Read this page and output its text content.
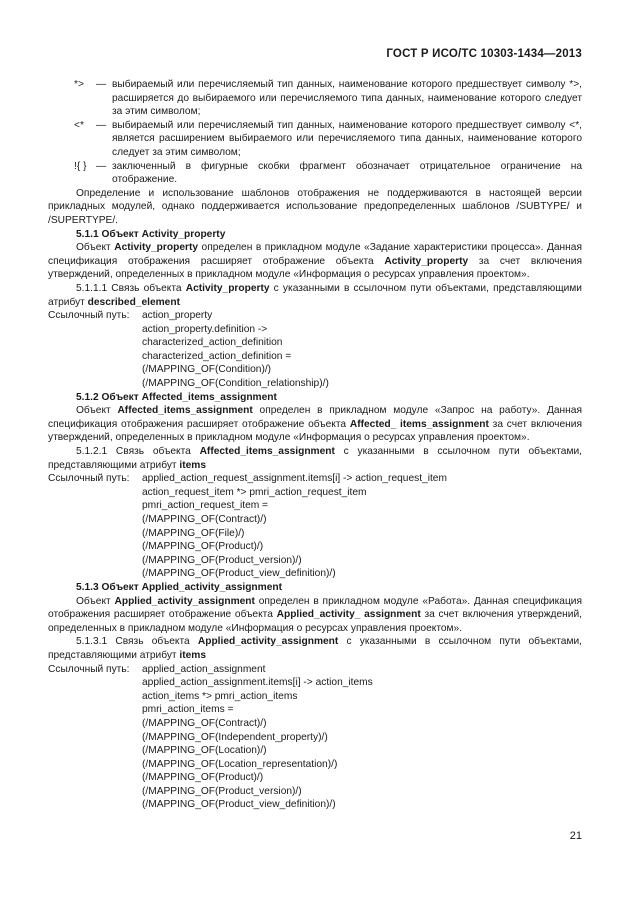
ГОСТ Р ИСО/ТС 10303-1434—2013
*>	— выбираемый или перечисляемый тип данных, наименование которого предшествует символу *>, расширяется до выбираемого или перечисляемого типа данных, наименование которого следует за этим символом;
<*	— выбираемый или перечисляемый тип данных, наименование которого предшествует символу <*, является расширением выбираемого или перечисляемого типа данных, наименование которого следует за этим символом;
!{ } — заключенный в фигурные скобки фрагмент обозначает отрицательное ограничение на отображение.
Определение и использование шаблонов отображения не поддерживаются в настоящей версии прикладных модулей, однако поддерживается использование предопределенных шаблонов /SUBTYPE/ и /SUPERTYPE/.
5.1.1 Объект Activity_property
Объект Activity_property определен в прикладном модуле «Задание характеристики процесса». Данная спецификация отображения расширяет отображение объекта Activity_property за счет включения утверждений, определенных в прикладном модуле «Информация о ресурсах управления проектом».
5.1.1.1 Связь объекта Activity_property с указанными в ссылочном пути объектами, представляющими атрибут described_element
Ссылочный путь:	action_property
action_property.definition ->
characterized_action_definition
characterized_action_definition =
(/MAPPING_OF(Condition)/)
(/MAPPING_OF(Condition_relationship)/)
5.1.2 Объект Affected_items_assignment
Объект Affected_items_assignment определен в прикладном модуле «Запрос на работу». Данная спецификация отображения расширяет отображение объекта Affected_ items_assignment за счет включения утверждений, определенных в прикладном модуле «Информация о ресурсах управления проектом».
5.1.2.1 Связь объекта Affected_items_assignment с указанными в ссылочном пути объектами, представляющими атрибут items
Ссылочный путь:	applied_action_request_assignment.items[i] -> action_request_item
action_request_item *> pmri_action_request_item
pmri_action_request_item =
(/MAPPING_OF(Contract)/)
(/MAPPING_OF(File)/)
(/MAPPING_OF(Product)/)
(/MAPPING_OF(Product_version)/)
(/MAPPING_OF(Product_view_definition)/)
5.1.3 Объект Applied_activity_assignment
Объект Applied_activity_assignment определен в прикладном модуле «Работа». Данная спецификация отображения расширяет отображение объекта Applied_activity_ assignment за счет включения утверждений, определенных в прикладном модуле «Информация о ресурсах управления проектом».
5.1.3.1 Связь объекта Applied_activity_assignment с указанными в ссылочном пути объектами, представляющими атрибут items
Ссылочный путь:	applied_action_assignment
applied_action_assignment.items[i] -> action_items
action_items *> pmri_action_items
pmri_action_items =
(/MAPPING_OF(Contract)/)
(/MAPPING_OF(Independent_property)/)
(/MAPPING_OF(Location)/)
(/MAPPING_OF(Location_representation)/)
(/MAPPING_OF(Product)/)
(/MAPPING_OF(Product_version)/)
(/MAPPING_OF(Product_view_definition)/)
21
